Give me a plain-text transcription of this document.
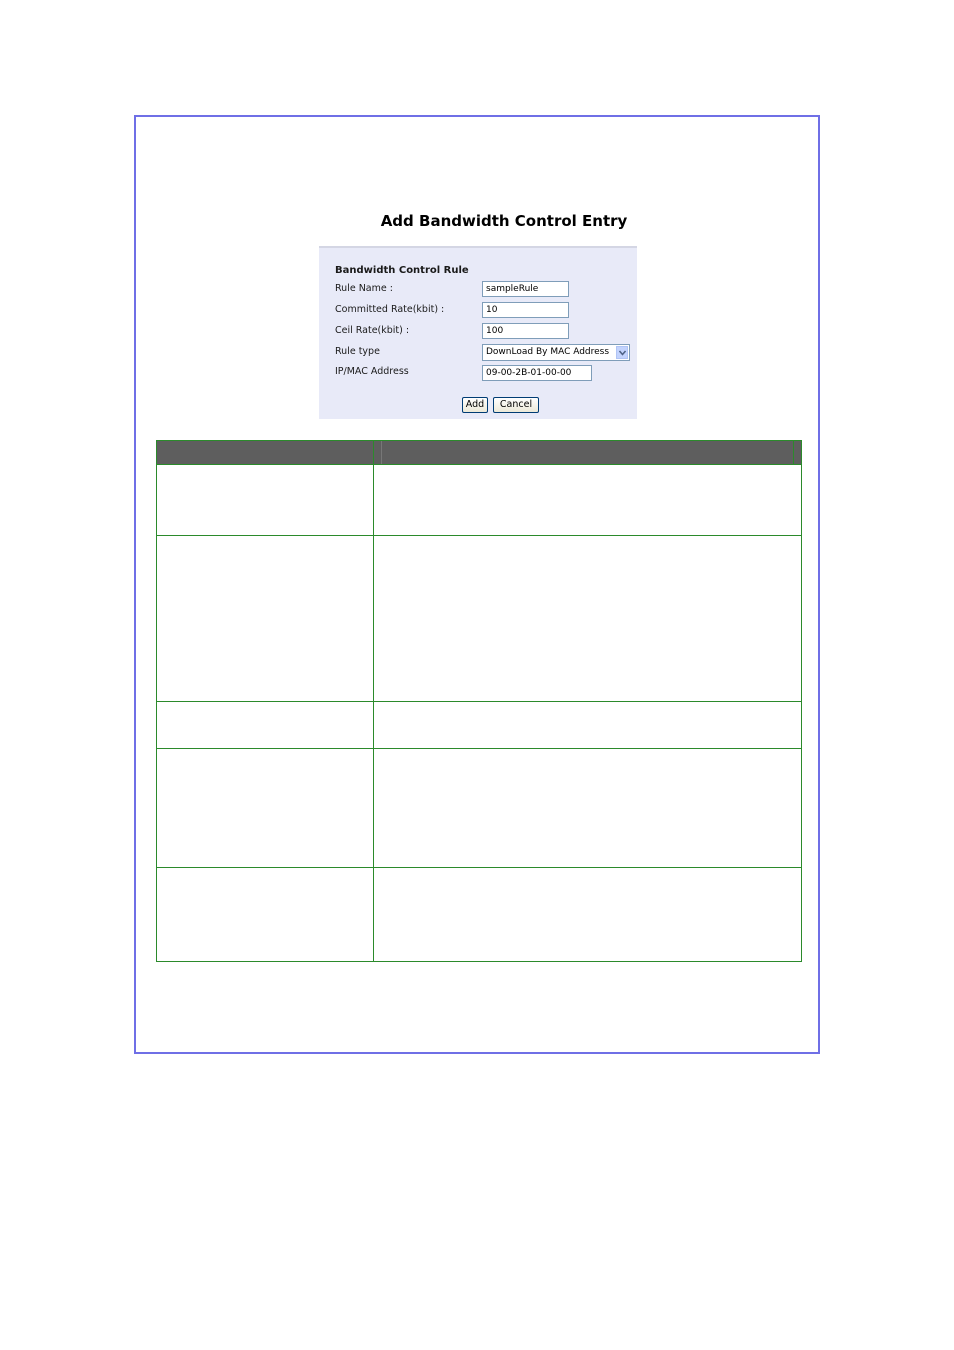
Add Bandwidth Control Entry
Bandwidth Control Rule
Rule Name :	sampleRule
Committed Rate(kbit) :	10
Ceil Rate(kbit) :	100
Rule type	DownLoad By MAC Address
IP/MAC Address	09-00-2B-01-00-00
Add	Cancel
